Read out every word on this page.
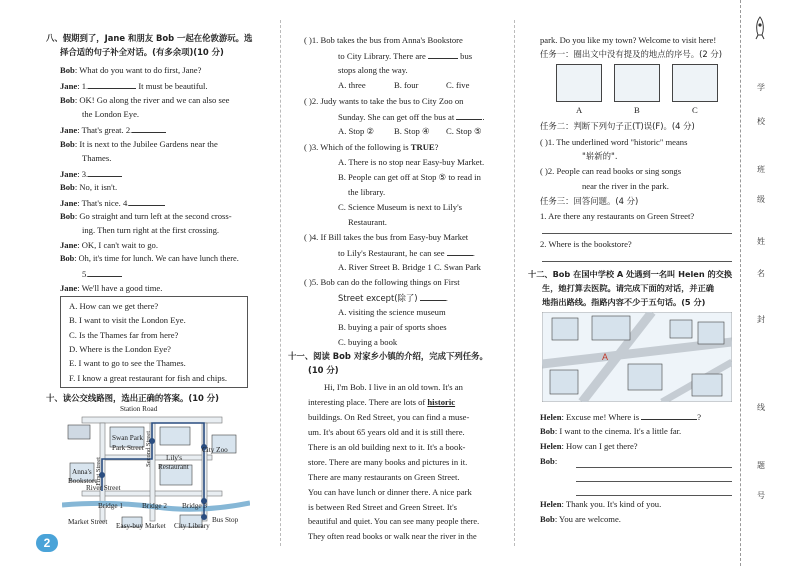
八、假期到了，Jane 和朋友 Bob 一起在伦敦游玩。选
择合适的句子补全对话。(有多余项)(10 分)
Bob: What do you want to do first, Jane?
Jane: 1.	It must be beautiful.
Bob: OK! Go along the river and we can also see
the London Eye.
Jane: That's great. 2.
Bob: It is next to the Jubilee Gardens near the
Thames.
Jane: 3.
Bob: No, it isn't.
Jane: That's nice. 4.
Bob: Go straight and turn left at the second cross-
ing. Then turn right at the first crossing.
Jane: OK, I can't wait to go.
Bob: Oh, it's time for lunch. We can have lunch there.
5.
Jane: We'll have a good time.
A. How can we get there?
B. I want to visit the London Eye.
C. Is the Thames far from here?
D. Where is the London Eye?
E. I want to go to see the Thames.
F. I know a great restaurant for fish and chips.
十、读公交线路图，选出正确的答案。(10 分)
Station Road
Swan Park
Park Street
First Street
Second Street Lily's
Restaurant
City Zoo
Anna's
Bookstore
River Street
Bridge 1	Bridge 2 Bridge 3
Market Street Easy-buy Market City Library
Bus Stop
2
( )1. Bob takes the bus from Anna's Bookstore
to City Library. There are	bus
stops along the way.
A. three	B. four	C. five
( )2. Judy wants to take the bus to City Zoo on
Sunday. She can get off the bus at	.
A. Stop ② B. Stop ④ C. Stop ⑤
( )3. Which of the following is TRUE?
A. There is no stop near Easy-buy Market.
B. People can get off at Stop ⑤ to read in
the library.
C. Science Museum is next to Lily's
Restaurant.
( )4. If Bill takes the bus from Easy-buy Market
to Lily's Restaurant, he can see	.
A. River Street B. Bridge 1 C. Swan Park
( )5. Bob can do the following things on First
Street except(除了)	.
A. visiting the science museum
B. buying a pair of sports shoes
C. buying a book
十一、阅读 Bob 对家乡小镇的介绍，完成下列任务。
(10 分)
Hi, I'm Bob. I live in an old town. It's an
interesting place. There are lots of historic
buildings. On Red Street, you can find a muse-
um. It's about 65 years old and it is still there.
There is an old building next to it. It's a book-
store. There are many books and pictures in it.
There are many restaurants on Green Street.
You can have lunch or dinner there. A nice park
is between Red Street and Green Street. It's
beautiful and quiet. You can see many people there.
They often read books or walk near the river in the
park. Do you like my town? Welcome to visit here!
任务一：圈出文中没有提及的地点的序号。(2 分)
A	B	C
任务二：判断下列句子正(T)误(F)。(4 分)
( )1. The underlined word "historic" means
"崭新的".
( )2. People can read books or sing songs
near the river in the park.
任务三：回答问题。(4 分)
1. Are there any restaurants on Green Street?
2. Where is the bookstore?
十二、Bob 在国中学校 A 处遇到一名叫 Helen 的交换
生，她打算去医院。请完成下面的对话，并正确
地指出路线。指路内容不少于五句话。(5 分)
A
Helen: Excuse me! Where is	?
Bob: I want to the cinema. It's a little far.
Helen: How can I get there?
Bob:
Helen: Thank you. It's kind of you.
Bob: You are welcome.
学
校
班
级
姓
名
封
线
题
号
